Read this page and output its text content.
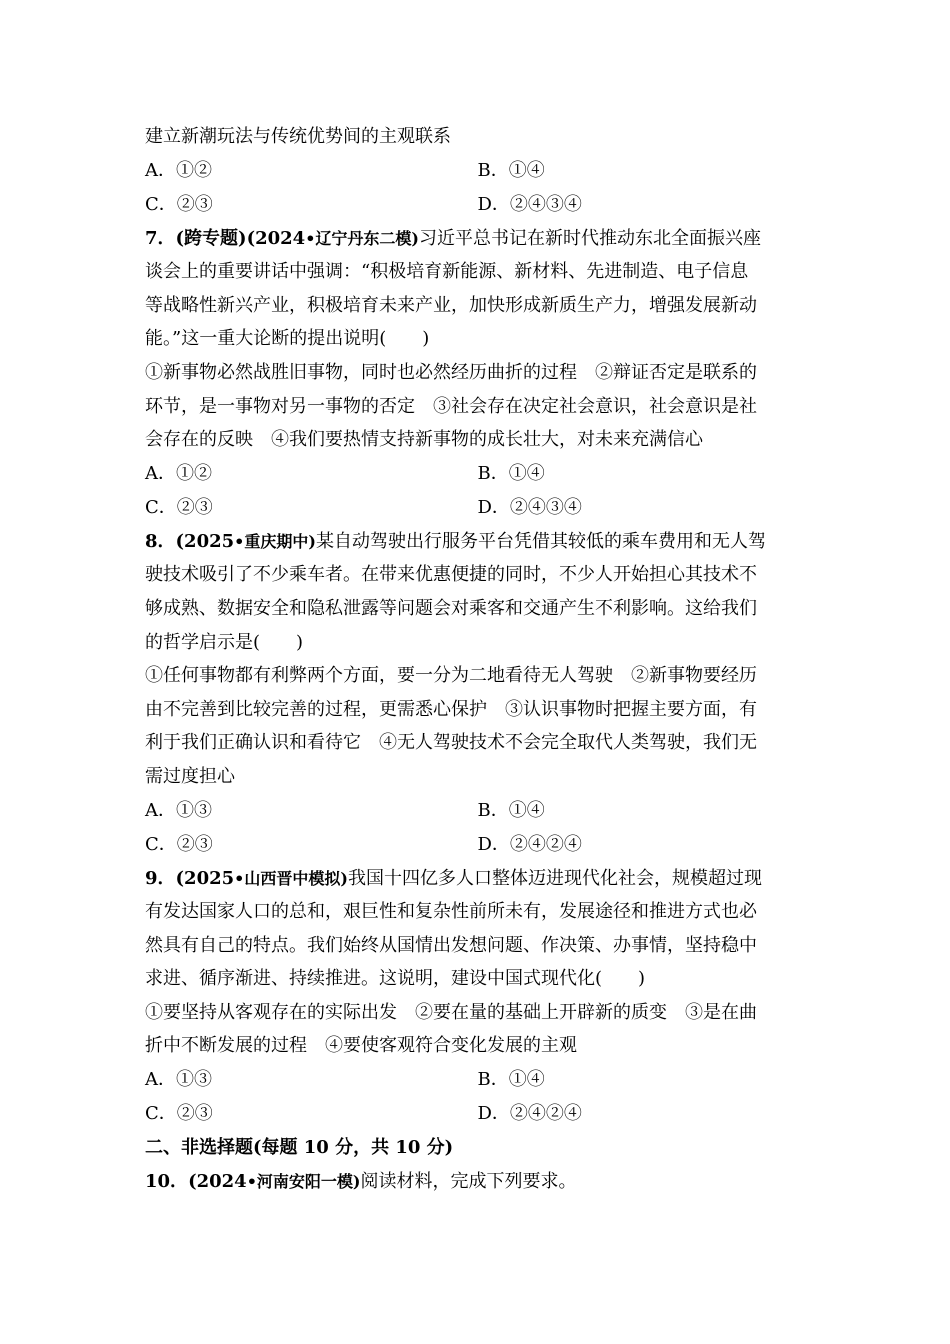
建立新潮玩法与传统优势间的主观联系
A．①②	B．①④
C．②③	D．②④③④
7．(跨专题)(2024•辽宁丹东二模)习近平总书记在新时代推动东北全面振兴座
谈会上的重要讲话中强调：“积极培育新能源、新材料、先进制造、电子信息
等战略性新兴产业，积极培育未来产业，加快形成新质生产力，增强发展新动
能。”这一重大论断的提出说明(　　)
①新事物必然战胜旧事物，同时也必然经历曲折的过程　②辩证否定是联系的
环节，是一事物对另一事物的否定　③社会存在决定社会意识，社会意识是社
会存在的反映　④我们要热情支持新事物的成长壮大，对未来充满信心
A．①②	B．①④
C．②③	D．②④③④
8．(2025•重庆期中)某自动驾驶出行服务平台凭借其较低的乘车费用和无人驾
驶技术吸引了不少乘车者。在带来优惠便捷的同时，不少人开始担心其技术不
够成熟、数据安全和隐私泄露等问题会对乘客和交通产生不利影响。这给我们
的哲学启示是(　　)
①任何事物都有利弊两个方面，要一分为二地看待无人驾驶　②新事物要经历
由不完善到比较完善的过程，更需悉心保护　③认识事物时把握主要方面，有
利于我们正确认识和看待它　④无人驾驶技术不会完全取代人类驾驶，我们无
需过度担心
A．①③	B．①④
C．②③	D．②④②④
9．(2025•山西晋中模拟)我国十四亿多人口整体迈进现代化社会，规模超过现
有发达国家人口的总和，艰巨性和复杂性前所未有，发展途径和推进方式也必
然具有自己的特点。我们始终从国情出发想问题、作决策、办事情，坚持稳中
求进、循序渐进、持续推进。这说明，建设中国式现代化(　　)
①要坚持从客观存在的实际出发　②要在量的基础上开辟新的质变　③是在曲
折中不断发展的过程　④要使客观符合变化发展的主观
A．①③	B．①④
C．②③	D．②④②④
二、非选择题(每题 10 分，共 10 分)
10．(2024•河南安阳一模)阅读材料，完成下列要求。
